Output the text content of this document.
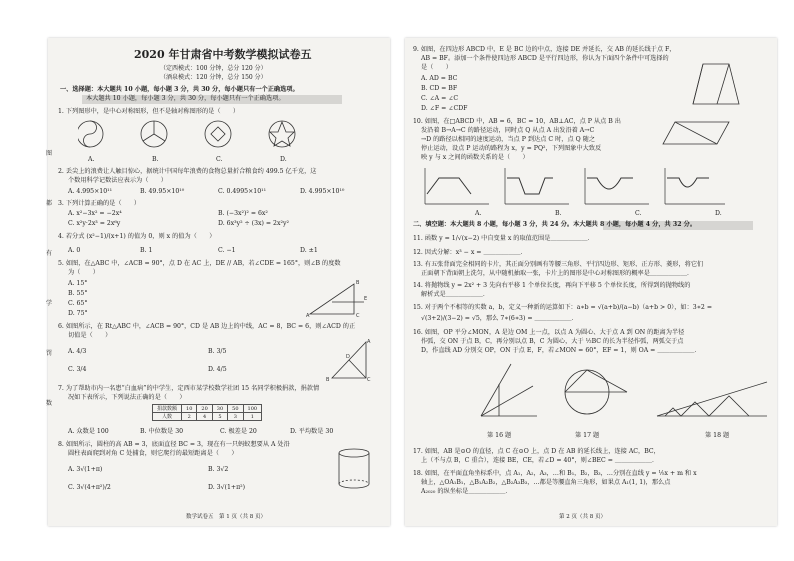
2020 年甘肃省中考数学模拟试卷五
（定西模式：100 分钟，总分 120 分）
（酒泉模式：120 分钟，总分 150 分）
一、选择题：本大题共 10 小题，每小题 3 分，共 30 分，每小题只有一个正确选项。
本大题共 10 小题，每小题 3 分，共 30 分，每小题只有一个正确选项。
1. 下列图形中，是中心对称图形，但不是轴对称图形的是（　　）
A.	B.	C.	D.
2. 丢尖上的浪费让人触目惊心，据统计中国每年浪费的食物总量折合粮食约 499.5 亿千克，这
个数用科学记数法应表示为（　　）
A. 4.995×10¹¹	B. 49.95×10¹⁰	C. 0.4995×10¹¹	D. 4.995×10¹⁰
3. 下列计算正确的是（　　）
A. x²−3x² = −2x⁴	B. (−3x²)² = 6x²
C. x²y·2x³ = 2x⁶y	D. 6x³y² ÷ (3x) = 2x²y²
4. 若分式 (x²−1)/(x+1) 的值为 0，则 x 的值为（　　）
A. 0	B. 1	C. −1	D. ±1
5. 如图，在△ABC 中，∠ACB = 90°，点 D 在 AC 上，DE // AB，若∠CDE = 165°，则∠B 的度数
为（　　）
A. 15°
B. 55°
C. 65°
D. 75°	A	C
B
E
6. 如图所示，在 Rt△ABC 中，∠ACB = 90°，CD 是 AB 边上的中线，AC = 8，BC = 6，则∠ACD 的正
切值是（　　）
A. 4/3	B. 3/5
C. 3/4	D. 4/5
B	C
A
D
7. 为了帮助市内一名患“白血病”的中学生，定西市某学校数学社团 15 名同学积极捐款，捐款情
况如下表所示，下列说法正确的是（　　）
捐款数额	10	20	30	50	100
人数	2	4	5	3	1
A. 众数是 100	B. 中位数是 30	C. 极差是 20	D. 平均数是 30
8. 如图所示，圆柱的高 AB = 3，底面直径 BC = 3，现在有一只蚂蚁想要从 A 处沿
圆柱表面爬到对角 C 处捕食，则它爬行的最短距离是（　　）
A. 3√(1+π)	B. 3√2
C. 3√(4+π²)/2	D. 3√(1+π²)
数学试卷五　第 1 页（共 8 页）
图
都
有
学
罚
数
9. 如图，在四边形 ABCD 中，E 是 BC 边的中点，连接 DE 并延长，交 AB 的延长线于点 F，
AB = BF。添加一个条件使四边形 ABCD 是平行四边形，你认为下面四个条件中可选择的
是（　　）
A. AD = BC
B. CD = BF
C. ∠A = ∠C
D. ∠F = ∠CDF
10. 如图，在□ABCD 中，AB = 6，BC = 10，AB⊥AC，点 P 从点 B 出
发沿着 B→A→C 的路径运动，同时点 Q 从点 A 出发沿着 A→C
→D 的路径以相同的速度运动，当点 P 到达点 C 时，点 Q 随之
停止运动，设点 P 运动的路程为 x，y = PQ²，下列图象中大致反
映 y 与 x 之间的函数关系的是（　　）
A.	B.	C.	D.
二、填空题：本大题共 8 小题，每小题 3 分，共 24 分。本大题共 8 小题，每小题 4 分，共 32 分。
11. 函数 y = 1/√(x−2) 中自变量 x 的取值范围是＿＿＿＿＿＿．
12. 因式分解：x³ − x = ＿＿＿＿＿＿．
13. 有五张背面完全相同的卡片，其正面分别画有等腰三角形、平行四边形、矩形、正方形、菱形，将它们
正面朝下背面朝上洗匀，从中随机抽取一张，卡片上的图形是中心对称图形的概率是＿＿＿＿＿＿．
14. 将抛物线 y = 2x² + 3 先向右平移 1 个单位长度，再向下平移 5 个单位长度，所得到的抛物线的
解析式是＿＿＿＿＿＿．
15. 对于两个不相等的实数 a，b，定义一种新的运算如下：a∗b = √(a+b)/(a−b)（a+b > 0），如：3∗2 =
√(3+2)/(3−2) = √5，那么 7∗(6∗3) = ＿＿＿＿＿＿．
16. 如图，OP 平分∠MON，A 是边 OM 上一点，以点 A 为圆心、大于点 A 到 ON 的距离为半径
作弧，交 ON 于点 B，C，再分别以点 B，C 为圆心，大于 ½BC 的长为半径作弧，两弧交于点
D，作直线 AD 分别交 OP，ON 于点 E，F，若∠MON = 60°，EF = 1，则 OA = ＿＿＿＿＿＿．
第 16 题	第 17 题	第 18 题
17. 如图，AB 是⊙O 的直径，点 C 在⊙O 上，点 D 在 AB 的延长线上，连接 AC，BC，
上（不与点 B，C 重合），连接 BE，CE，若∠D = 40°，则∠BEC = ＿＿＿＿＿＿．
18. 如图，在平面直角坐标系中，点 A₁，A₂，A₃，…和 B₁，B₂，B₃，…分别在直线 y = ⅕x + m 和 x
轴上，△OA₁B₁，△B₁A₂B₂，△B₂A₃B₃，…都是等腰直角三角形，如果点 A₁(1, 1)，那么点
A₂₀₂₀ 的纵坐标是＿＿＿＿＿＿．
第 2 页（共 8 页）
